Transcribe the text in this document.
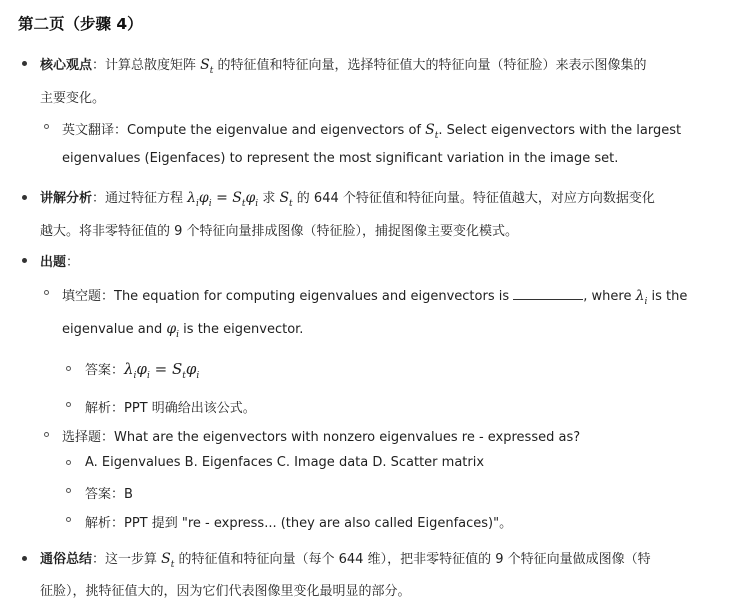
第二页（步骤 4）
核心观点：计算总散度矩阵 $S_t$ 的特征值和特征向量，选择特征值大的特征向量（特征脸）来表示图像集的
主要变化。
英文翻译：Compute the eigenvalue and eigenvectors of $S_t$. Select eigenvectors with the largest
eigenvalues (Eigenfaces) to represent the most significant variation in the image set.
讲解分析：通过特征方程 $\lambda_i\varphi_i = S_t\varphi_i$ 求 $S_t$ 的 644 个特征值和特征向量。特征值越大，对应方向数据变化
越大。将非零特征值的 9 个特征向量排成图像（特征脸），捕捉图像主要变化模式。
出题：
填空题：The equation for computing eigenvalues and eigenvectors is	, where $\lambda_i$ is the
eigenvalue and $\varphi_i$ is the eigenvector.
答案：$\lambda_i\varphi_i = S_t\varphi_i$
解析：PPT 明确给出该公式。
选择题：What are the eigenvectors with nonzero eigenvalues re - expressed as?
A. Eigenvalues B. Eigenfaces C. Image data D. Scatter matrix
答案：B
解析：PPT 提到 "re - express... (they are also called Eigenfaces)"。
通俗总结：这一步算 $S_t$ 的特征值和特征向量（每个 644 维），把非零特征值的 9 个特征向量做成图像（特
征脸），挑特征值大的，因为它们代表图像里变化最明显的部分。
